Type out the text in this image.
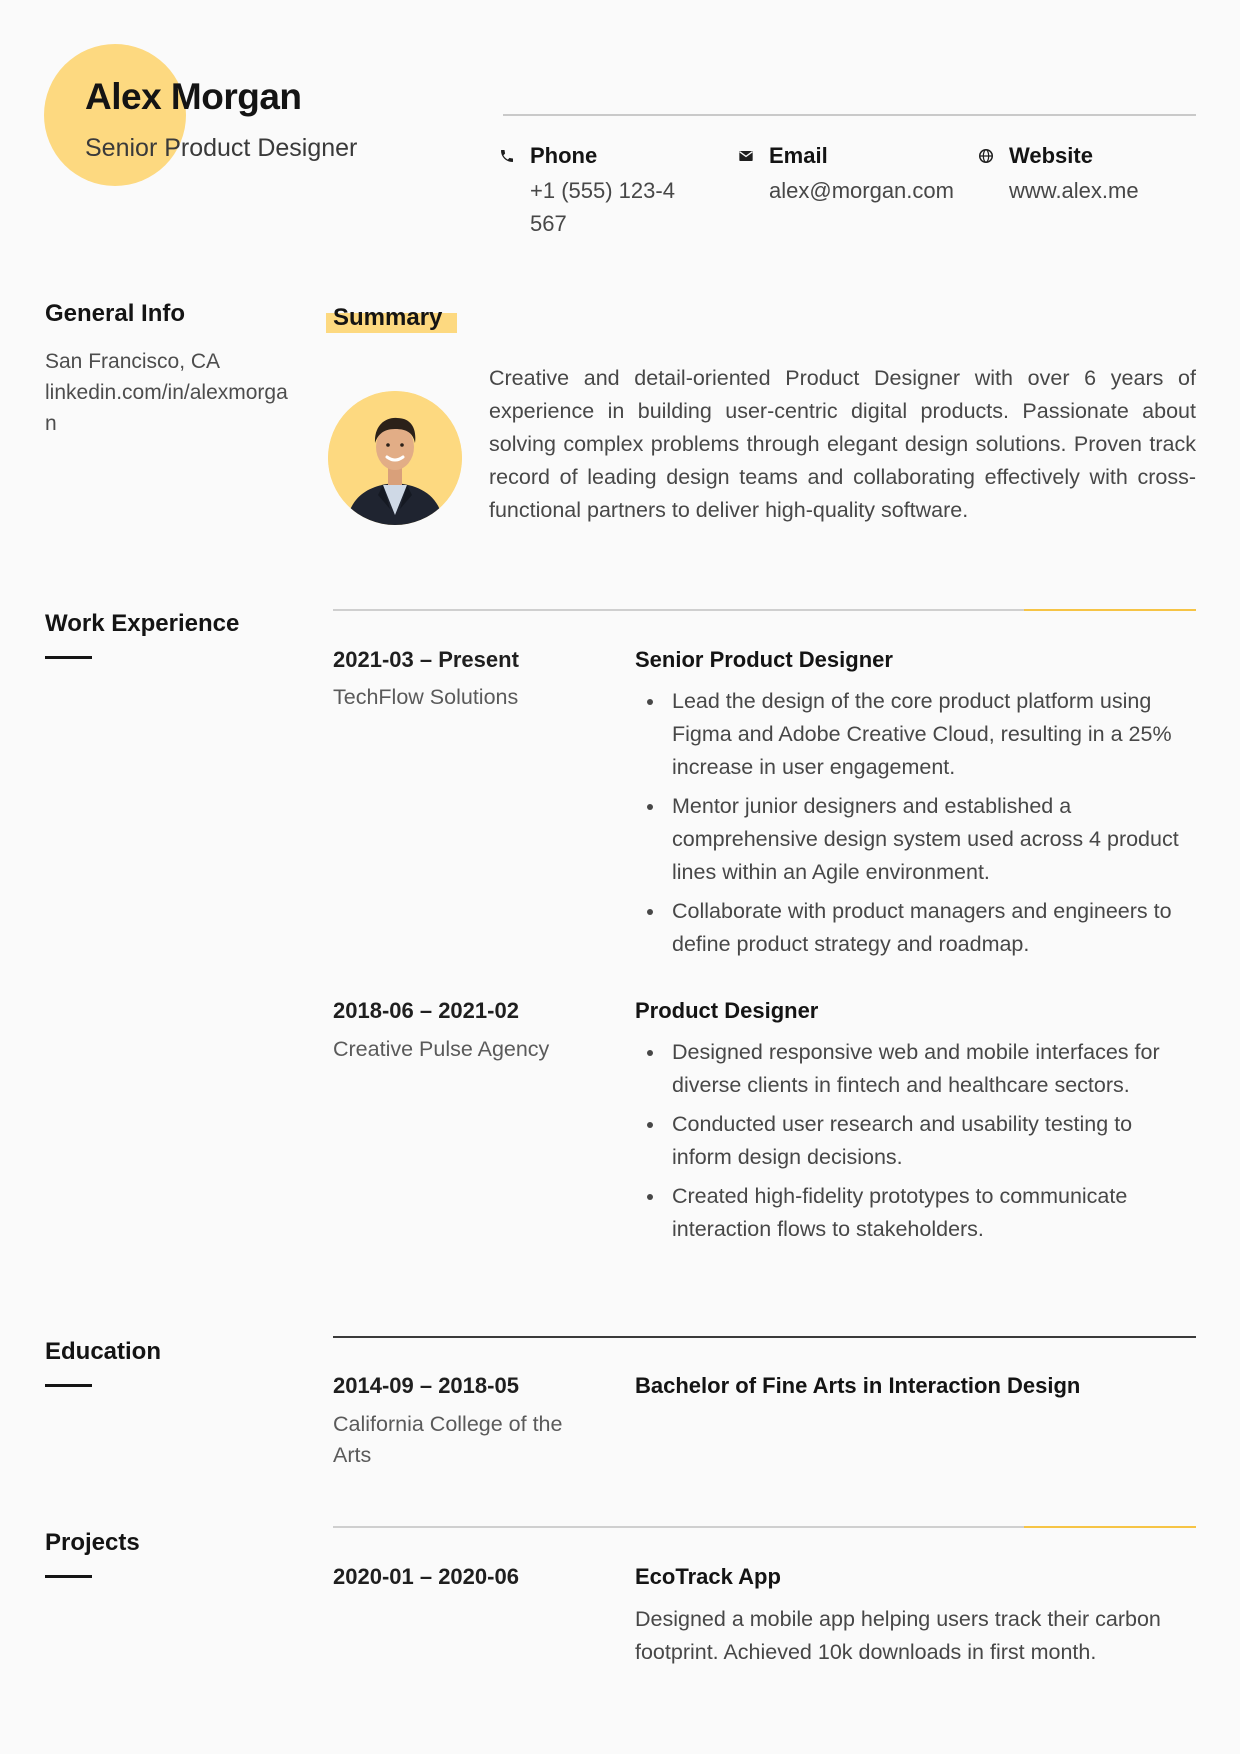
Alex Morgan
Senior Product Designer	Phone
+1 (555) 123-4567
Email
alex@morgan.com
Website
www.alex.me
General Info
San Francisco, CA
linkedin.com/in/alexmorgan
Summary

Creative and detail-oriented Product Designer with over 6 years of experience in building user-centric digital products. Passionate about solving complex problems through elegant design solutions. Proven track record of leading design teams and collaborating effectively with cross-functional partners to deliver high-quality software.

Work Experience
2021-03 – Present
TechFlow Solutions
Senior Product Designer
Lead the design of the core product platform using Figma and Adobe Creative Cloud, resulting in a 25% increase in user engagement.
Mentor junior designers and established a comprehensive design system used across 4 product lines within an Agile environment.
Collaborate with product managers and engineers to define product strategy and roadmap.
2018-06 – 2021-02
Creative Pulse Agency
Product Designer
Designed responsive web and mobile interfaces for diverse clients in fintech and healthcare sectors.
Conducted user research and usability testing to inform design decisions.
Created high-fidelity prototypes to communicate interaction flows to stakeholders.
Education
2014-09 – 2018-05
California College of the Arts
Bachelor of Fine Arts in Interaction Design
Projects
2020-01 – 2020-06	EcoTrack App

Designed a mobile app helping users track their carbon footprint. Achieved 10k downloads in first month.
